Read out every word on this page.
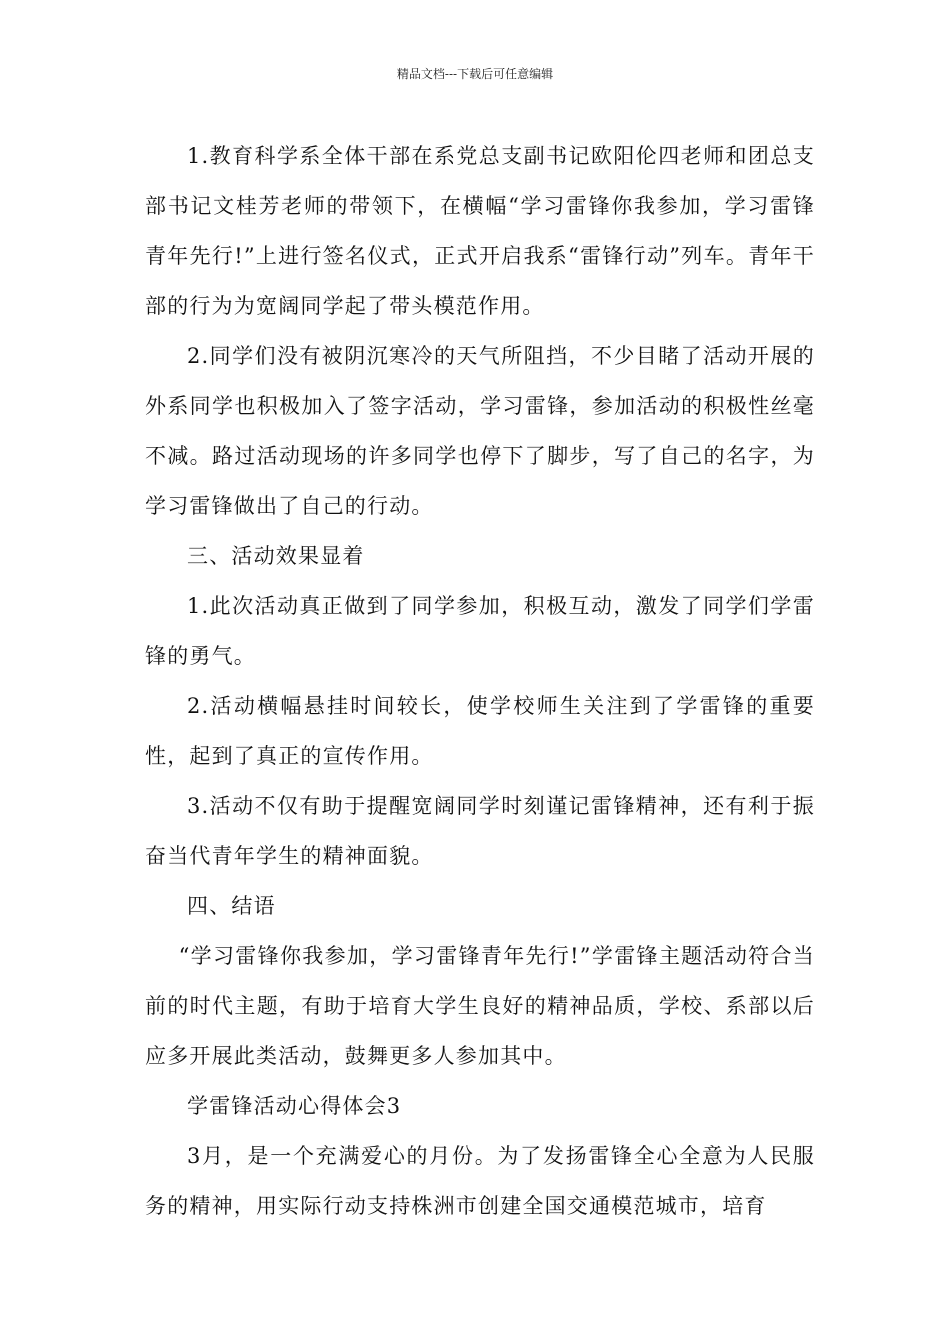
精品文档---下载后可任意编辑

1.教育科学系全体干部在系党总支副书记欧阳伦四老师和团总支部书记文桂芳老师的带领下，在横幅“学习雷锋你我参加，学习雷锋青年先行!”上进行签名仪式，正式开启我系“雷锋行动”列车。青年干部的行为为宽阔同学起了带头模范作用。

2.同学们没有被阴沉寒冷的天气所阻挡，不少目睹了活动开展的外系同学也积极加入了签字活动，学习雷锋，参加活动的积极性丝毫不减。路过活动现场的许多同学也停下了脚步，写了自己的名字，为学习雷锋做出了自己的行动。

三、活动效果显着

1.此次活动真正做到了同学参加，积极互动，激发了同学们学雷锋的勇气。

2.活动横幅悬挂时间较长，使学校师生关注到了学雷锋的重要性，起到了真正的宣传作用。

3.活动不仅有助于提醒宽阔同学时刻谨记雷锋精神，还有利于振奋当代青年学生的精神面貌。

四、结语

“学习雷锋你我参加，学习雷锋青年先行!”学雷锋主题活动符合当前的时代主题，有助于培育大学生良好的精神品质，学校、系部以后应多开展此类活动，鼓舞更多人参加其中。

学雷锋活动心得体会3

3月，是一个充满爱心的月份。为了发扬雷锋全心全意为人民服务的精神，用实际行动支持株洲市创建全国交通模范城市，培育
